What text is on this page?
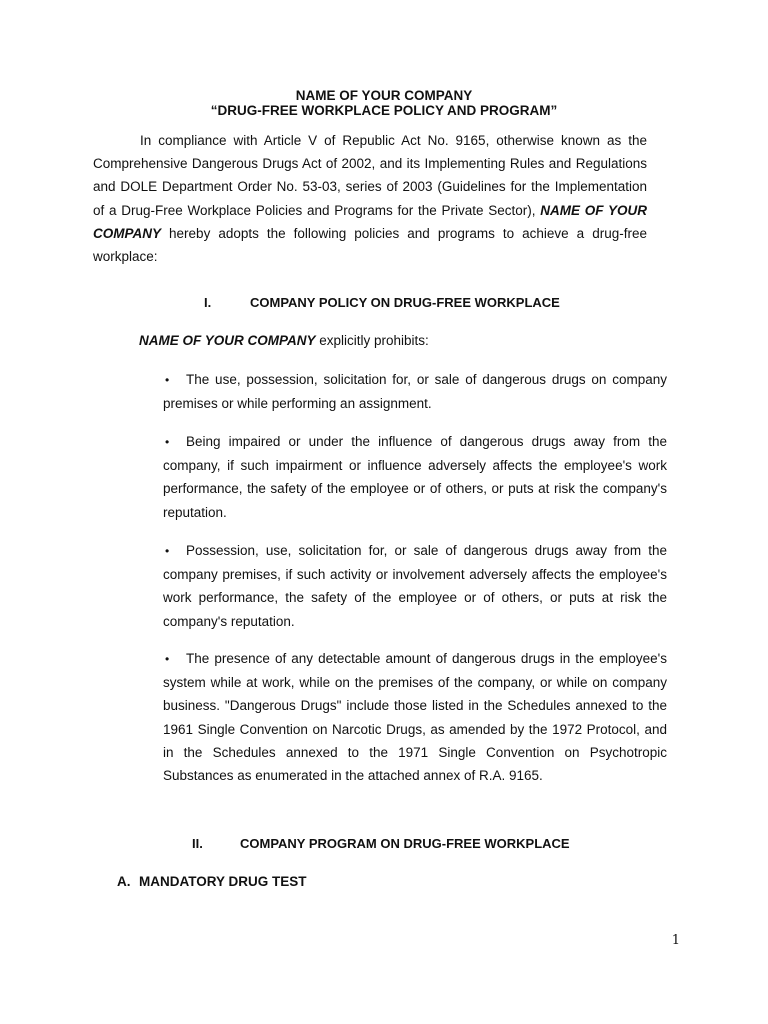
NAME OF YOUR COMPANY

“DRUG-FREE WORKPLACE POLICY AND PROGRAM”

In compliance with Article V of Republic Act No. 9165, otherwise known as the Comprehensive Dangerous Drugs Act of 2002, and its Implementing Rules and Regulations and DOLE Department Order No. 53-03, series of 2003 (Guidelines for the Implementation of a Drug-Free Workplace Policies and Programs for the Private Sector), NAME OF YOUR COMPANY hereby adopts the following policies and programs to achieve a drug-free workplace:

I.	COMPANY POLICY ON DRUG-FREE WORKPLACE

NAME OF YOUR COMPANY explicitly prohibits:

• The use, possession, solicitation for, or sale of dangerous drugs on company premises or while performing an assignment.

• Being impaired or under the influence of dangerous drugs away from the company, if such impairment or influence adversely affects the employee's work performance, the safety of the employee or of others, or puts at risk the company's reputation.

• Possession, use, solicitation for, or sale of dangerous drugs away from the company premises, if such activity or involvement adversely affects the employee's work performance, the safety of the employee or of others, or puts at risk the company's reputation.

• The presence of any detectable amount of dangerous drugs in the employee's system while at work, while on the premises of the company, or while on company business. "Dangerous Drugs" include those listed in the Schedules annexed to the 1961 Single Convention on Narcotic Drugs, as amended by the 1972 Protocol, and in the Schedules annexed to the 1971 Single Convention on Psychotropic Substances as enumerated in the attached annex of R.A. 9165.

II.	COMPANY PROGRAM ON DRUG-FREE WORKPLACE

A. MANDATORY DRUG TEST

1
